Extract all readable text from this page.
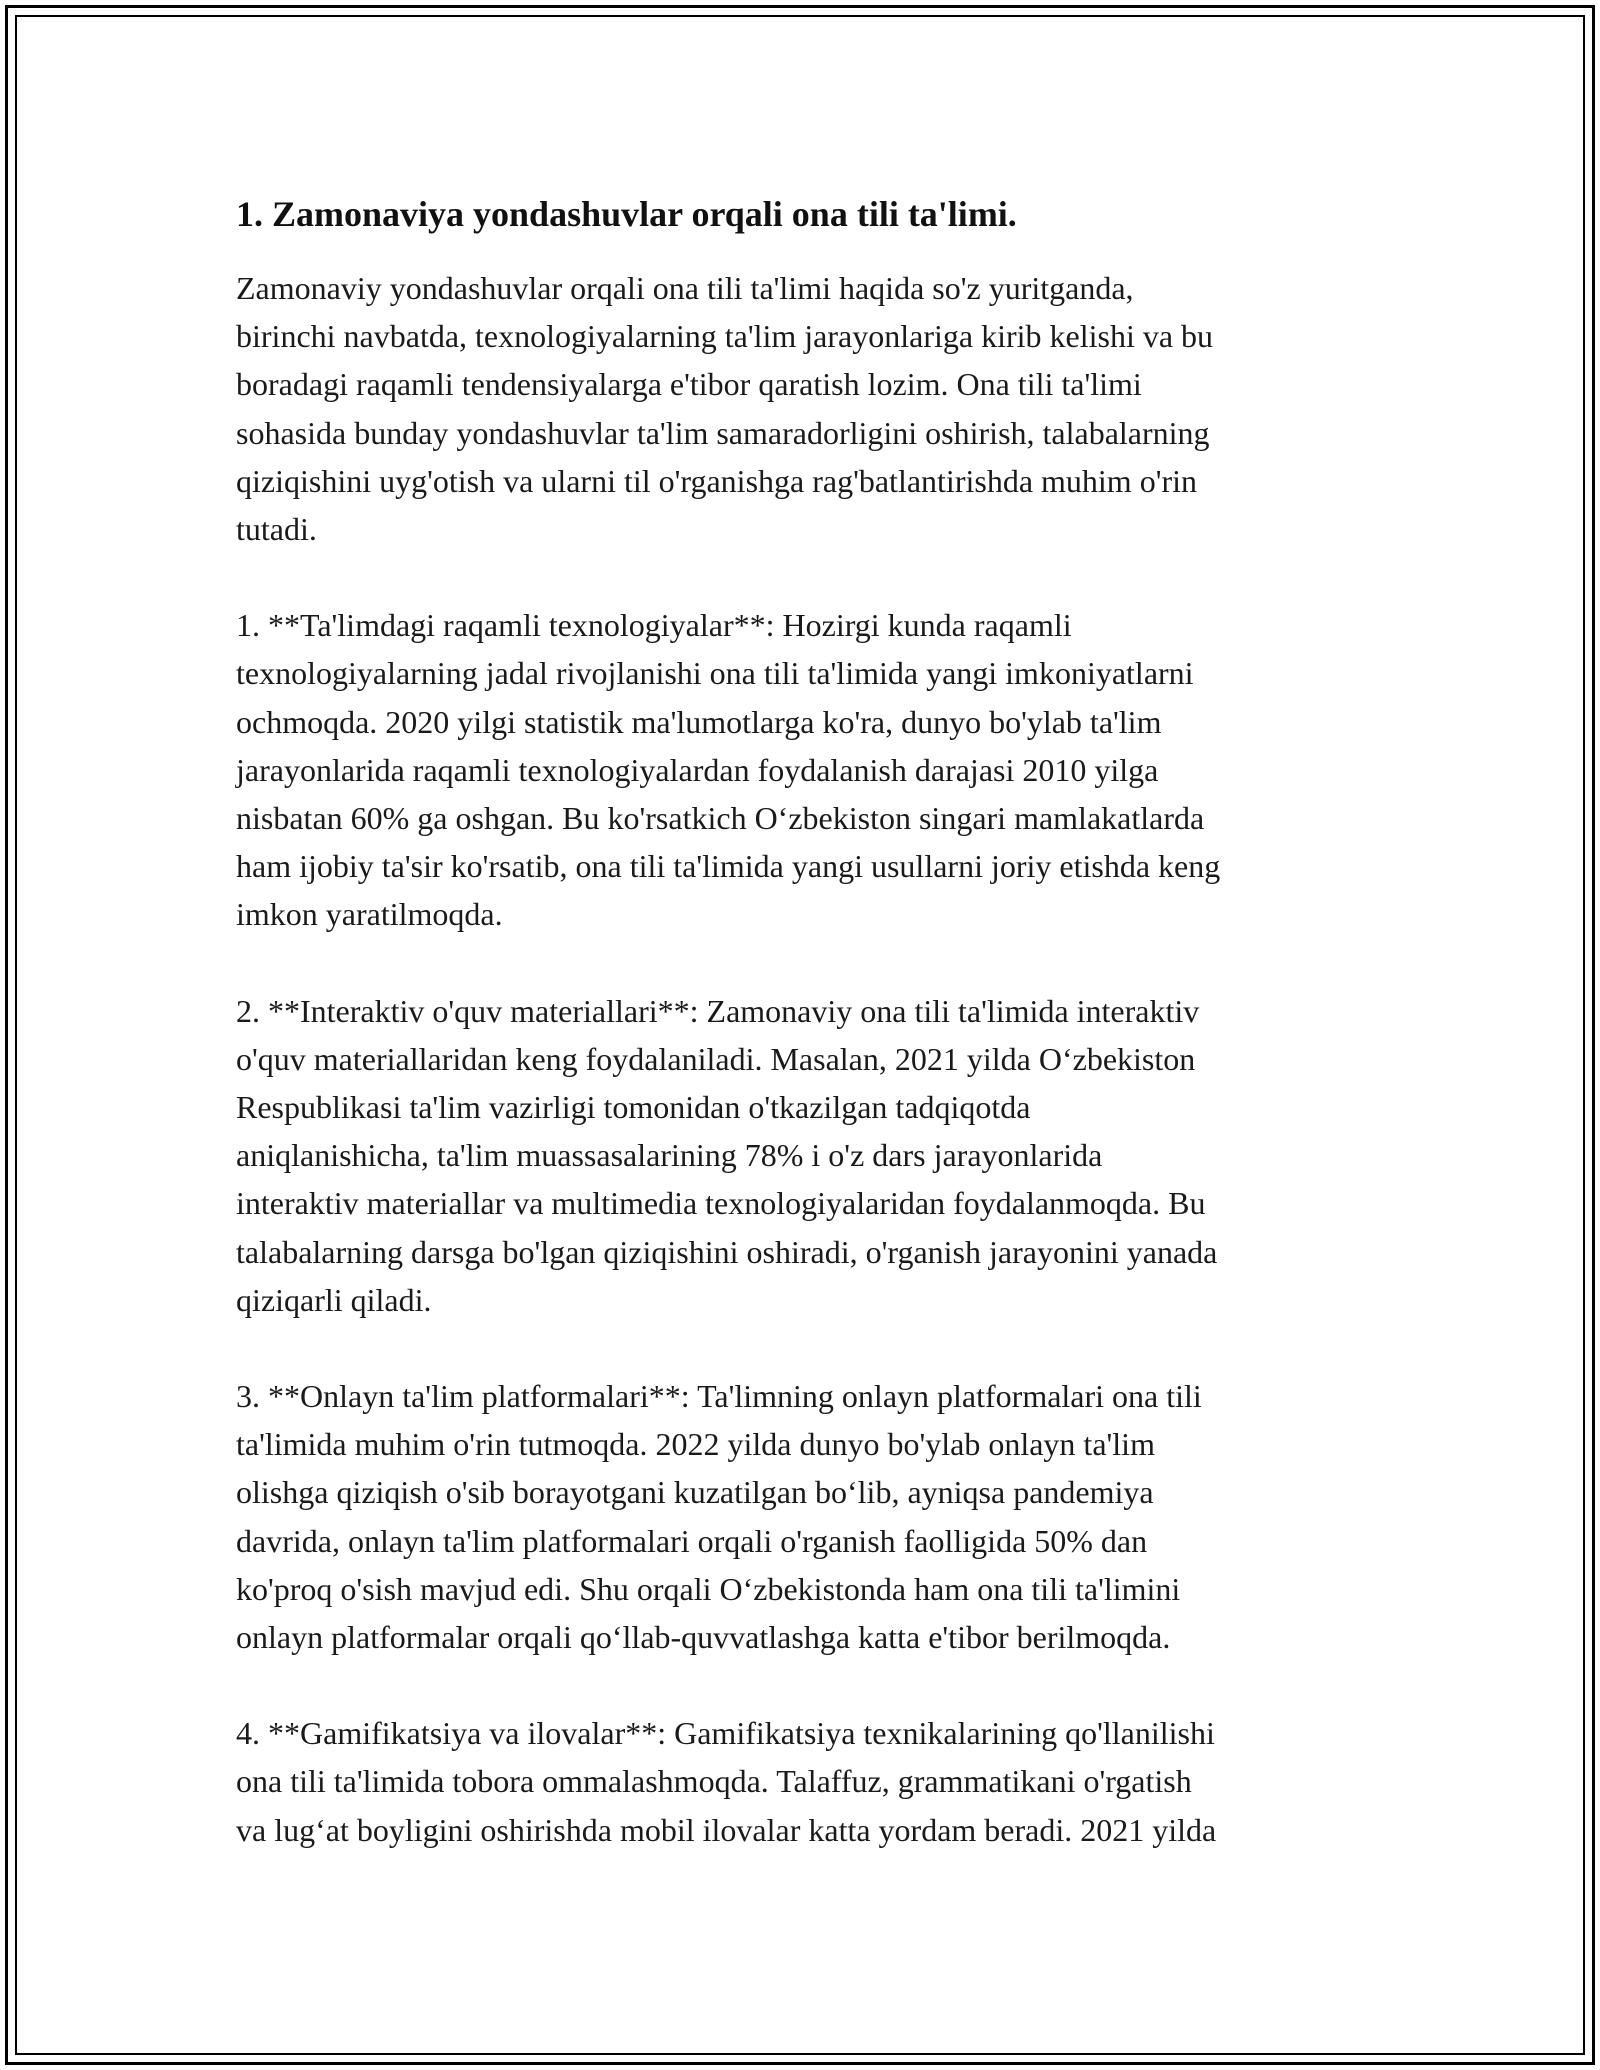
1. Zamonaviya yondashuvlar orqali ona tili ta'limi.

Zamonaviy yondashuvlar orqali ona tili ta'limi haqida so'z yuritganda,
birinchi navbatda, texnologiyalarning ta'lim jarayonlariga kirib kelishi va bu
boradagi raqamli tendensiyalarga e'tibor qaratish lozim. Ona tili ta'limi
sohasida bunday yondashuvlar ta'lim samaradorligini oshirish, talabalarning
qiziqishini uyg'otish va ularni til o'rganishga rag'batlantirishda muhim o'rin
tutadi.

1. **Ta'limdagi raqamli texnologiyalar**: Hozirgi kunda raqamli
texnologiyalarning jadal rivojlanishi ona tili ta'limida yangi imkoniyatlarni
ochmoqda. 2020 yilgi statistik ma'lumotlarga ko'ra, dunyo bo'ylab ta'lim
jarayonlarida raqamli texnologiyalardan foydalanish darajasi 2010 yilga
nisbatan 60% ga oshgan. Bu ko'rsatkich O‘zbekiston singari mamlakatlarda
ham ijobiy ta'sir ko'rsatib, ona tili ta'limida yangi usullarni joriy etishda keng
imkon yaratilmoqda.

2. **Interaktiv o'quv materiallari**: Zamonaviy ona tili ta'limida interaktiv
o'quv materiallaridan keng foydalaniladi. Masalan, 2021 yilda O‘zbekiston
Respublikasi ta'lim vazirligi tomonidan o'tkazilgan tadqiqotda
aniqlanishicha, ta'lim muassasalarining 78% i o'z dars jarayonlarida
interaktiv materiallar va multimedia texnologiyalaridan foydalanmoqda. Bu
talabalarning darsga bo'lgan qiziqishini oshiradi, o'rganish jarayonini yanada
qiziqarli qiladi.

3. **Onlayn ta'lim platformalari**: Ta'limning onlayn platformalari ona tili
ta'limida muhim o'rin tutmoqda. 2022 yilda dunyo bo'ylab onlayn ta'lim
olishga qiziqish o'sib borayotgani kuzatilgan bo‘lib, ayniqsa pandemiya
davrida, onlayn ta'lim platformalari orqali o'rganish faolligida 50% dan
ko'proq o'sish mavjud edi. Shu orqali O‘zbekistonda ham ona tili ta'limini
onlayn platformalar orqali qo‘llab-quvvatlashga katta e'tibor berilmoqda.

4. **Gamifikatsiya va ilovalar**: Gamifikatsiya texnikalarining qo'llanilishi
ona tili ta'limida tobora ommalashmoqda. Talaffuz, grammatikani o'rgatish
va lug‘at boyligini oshirishda mobil ilovalar katta yordam beradi. 2021 yilda
